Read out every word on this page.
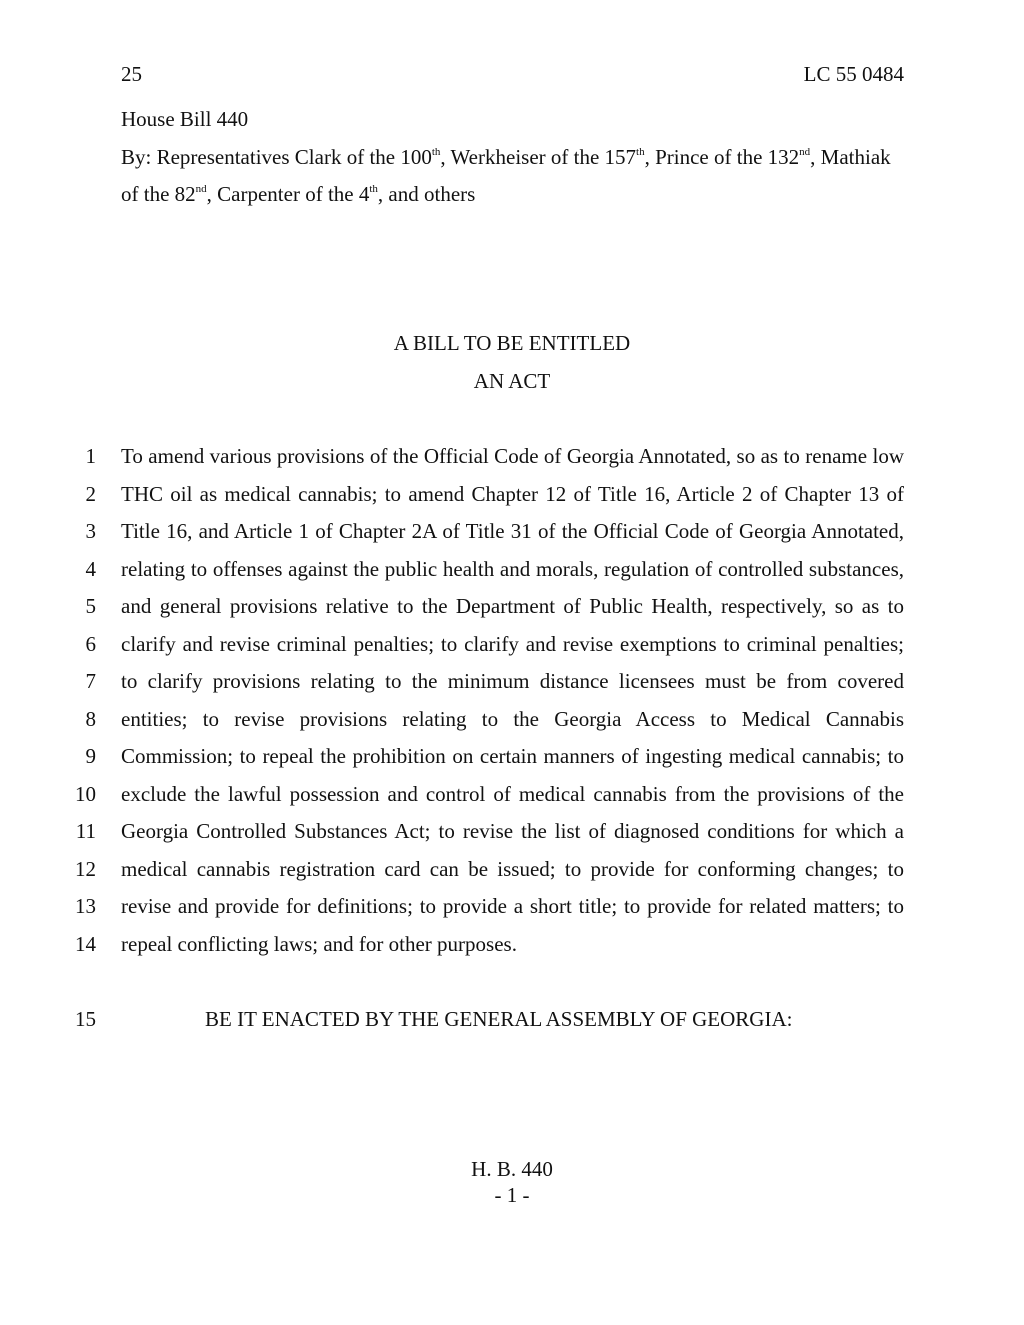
25	LC 55 0484
House Bill 440
By: Representatives Clark of the 100th, Werkheiser of the 157th, Prince of the 132nd, Mathiak
of the 82nd, Carpenter of the 4th, and others
A BILL TO BE ENTITLED
AN ACT
1 To amend various provisions of the Official Code of Georgia Annotated, so as to rename low
2 THC oil as medical cannabis; to amend Chapter 12 of Title 16, Article 2 of Chapter 13 of
3 Title 16, and Article 1 of Chapter 2A of Title 31 of the Official Code of Georgia Annotated,
4 relating to offenses against the public health and morals, regulation of controlled substances,
5 and general provisions relative to the Department of Public Health, respectively, so as to
6 clarify and revise criminal penalties; to clarify and revise exemptions to criminal penalties;
7 to clarify provisions relating to the minimum distance licensees must be from covered
8 entities; to revise provisions relating to the Georgia Access to Medical Cannabis
9 Commission; to repeal the prohibition on certain manners of ingesting medical cannabis; to
10 exclude the lawful possession and control of medical cannabis from the provisions of the
11 Georgia Controlled Substances Act; to revise the list of diagnosed conditions for which a
12 medical cannabis registration card can be issued; to provide for conforming changes; to
13 revise and provide for definitions; to provide a short title; to provide for related matters; to
14 repeal conflicting laws; and for other purposes.
15	BE IT ENACTED BY THE GENERAL ASSEMBLY OF GEORGIA:
H. B. 440
- 1 -
